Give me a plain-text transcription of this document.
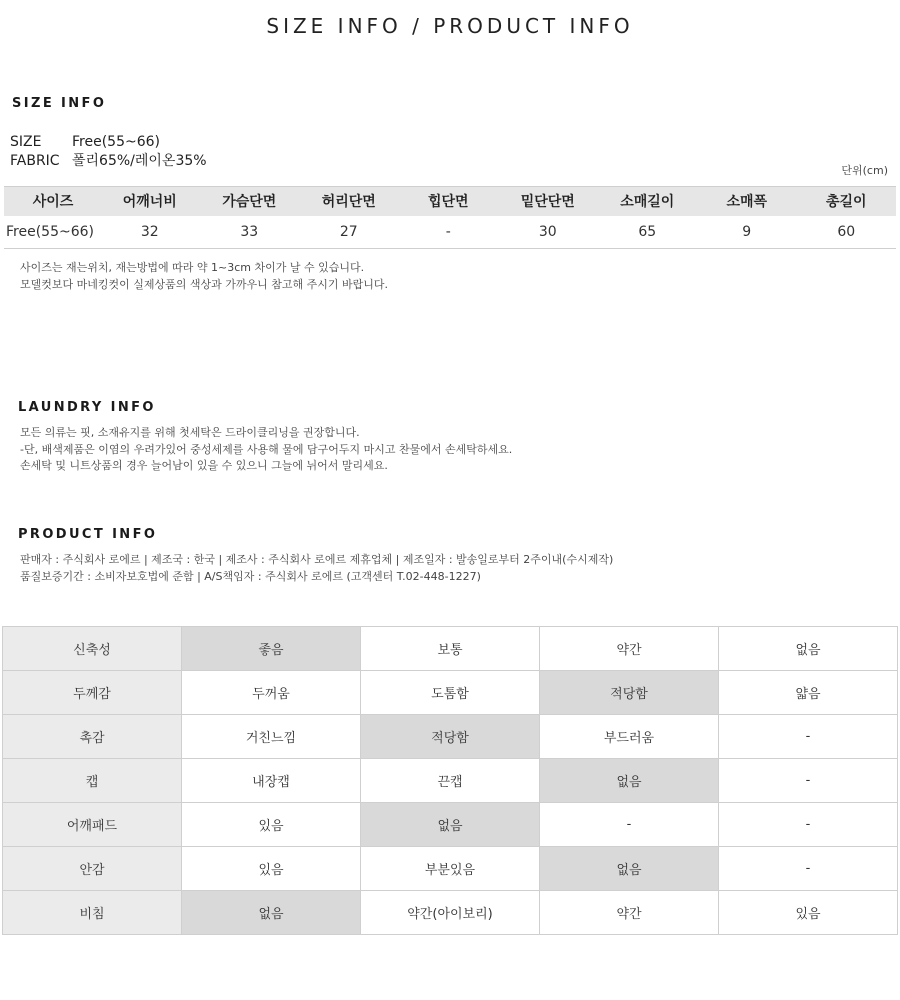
SIZE INFO / PRODUCT INFO
SIZE INFO
SIZE Free(55~66)
FABRIC 폴리65%/레이온35%
단위(cm)
사이즈	어깨너비	가슴단면	허리단면	힙단면	밑단단면	소매길이	소매폭	총길이
Free(55~66)	32	33	27	-	30	65	9	60
사이즈는 재는위치, 재는방법에 따라 약 1~3cm 차이가 날 수 있습니다.
모델컷보다 마네킹컷이 실제상품의 색상과 가까우니 참고해 주시기 바랍니다.
LAUNDRY INFO
모든 의류는 핏, 소재유지를 위해 첫세탁은 드라이클리닝을 권장합니다.
-단, 배색제품은 이염의 우려가있어 중성세제를 사용해 물에 담구어두지 마시고 찬물에서 손세탁하세요.
손세탁 및 니트상품의 경우 늘어남이 있을 수 있으니 그늘에 뉘어서 말리세요.
PRODUCT INFO
판매자 : 주식회사 로에르 | 제조국 : 한국 | 제조사 : 주식회사 로에르 제휴업체 | 제조일자 : 발송일로부터 2주이내(수시제작)
품질보증기간 : 소비자보호법에 준함 | A/S책임자 : 주식회사 로에르 (고객센터 T.02-448-1227)
신축성	좋음	보통	약간	없음
두께감	두꺼움	도톰함	적당함	얇음
촉감	거친느낌	적당함	부드러움	-
캡	내장캡	끈캡	없음	-
어깨패드	있음	없음	-	-
안감	있음	부분있음	없음	-
비침	없음	약간(아이보리)	약간	있음
